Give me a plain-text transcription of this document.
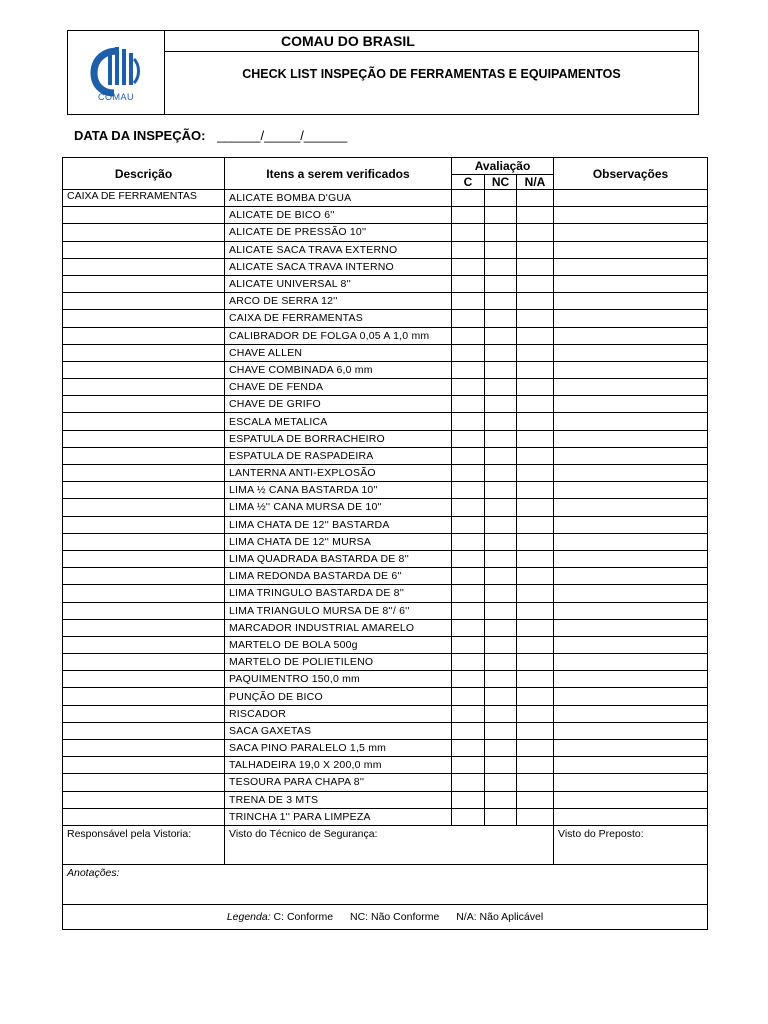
COMAU
COMAU DO BRASIL
CHECK LIST INSPEÇÃO DE FERRAMENTAS E EQUIPAMENTOS
DATA DA INSPEÇÃO: ______/_____/______
Descrição	Itens a serem verificados	Avaliação			Observações
		C	NC	N/A	
CAIXA DE FERRAMENTAS	ALICATE BOMBA D'GUA				
	ALICATE DE BICO 6''				
	ALICATE DE PRESSÃO 10''				
	ALICATE SACA TRAVA EXTERNO				
	ALICATE SACA TRAVA INTERNO				
	ALICATE UNIVERSAL 8''				
	ARCO DE SERRA 12''				
	CAIXA DE FERRAMENTAS				
	CALIBRADOR DE FOLGA 0,05 A 1,0 mm				
	CHAVE ALLEN				
	CHAVE COMBINADA 6,0 mm				
	CHAVE DE FENDA				
	CHAVE DE GRIFO				
	ESCALA METALICA				
	ESPATULA DE BORRACHEIRO				
	ESPATULA DE RASPADEIRA				
	LANTERNA ANTI-EXPLOSÃO				
	LIMA ½ CANA BASTARDA 10''				
	LIMA ½'' CANA MURSA DE 10''				
	LIMA CHATA DE 12'' BASTARDA				
	LIMA CHATA DE 12'' MURSA				
	LIMA QUADRADA BASTARDA DE 8''				
	LIMA REDONDA BASTARDA DE 6''				
	LIMA TRINGULO BASTARDA DE 8''				
	LIMA TRIANGULO MURSA DE 8''/ 6''				
	MARCADOR INDUSTRIAL AMARELO				
	MARTELO DE BOLA 500g				
	MARTELO DE POLIETILENO				
	PAQUIMENTRO 150,0 mm				
	PUNÇÃO DE BICO				
	RISCADOR				
	SACA GAXETAS				
	SACA PINO PARALELO 1,5 mm				
	TALHADEIRA 19,0 X 200,0 mm				
	TESOURA PARA CHAPA 8''				
	TRENA DE 3 MTS				
	TRINCHA 1'' PARA LIMPEZA				
Responsável pela Vistoria:	Visto do Técnico de Segurança:				Visto do Preposto:
Anotações:					
Legenda: C: Conforme NC: Não Conforme N/A: Não Aplicável					
